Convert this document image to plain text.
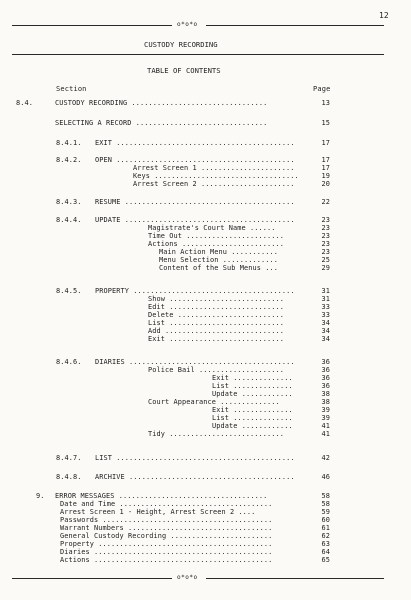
12
o*o*o
CUSTODY RECORDING
TABLE OF CONTENTS
Section	Page
8.4.	CUSTODY RECORDING ................................	13
SELECTING A RECORD ...............................	15
8.4.1. EXIT ..........................................	17
8.4.2. OPEN ..........................................	17
Arrest Screen 1 ......................	17
Keys ..................................	19
Arrest Screen 2 ......................	20
8.4.3. RESUME ........................................	22
8.4.4. UPDATE ........................................	23
Magistrate's Court Name ......	23
Time Out .......................	23
Actions ........................	23
Main Action Menu ...........	23
Menu Selection .............	25
Content of the Sub Menus ...	29
8.4.5. PROPERTY ......................................	31
Show ...........................	31
Edit ...........................	33
Delete .........................	33
List ...........................	34
Add ............................	34
Exit ...........................	34
8.4.6. DIARIES .......................................	36
Police Bail ....................	36
Exit ..............	36
List ..............	36
Update ............	38
Court Appearance ..............	38
Exit ..............	39
List ..............	39
Update ............	41
Tidy ...........................	41
8.4.7. LIST ..........................................	42
8.4.8. ARCHIVE .......................................	46
9. ERROR MESSAGES ...................................	58
Date and Time ....................................	58
Arrest Screen 1 - Height, Arrest Screen 2 ....	59
Passwords ........................................	60
Warrant Numbers ..................................	61
General Custody Recording ........................	62
Property .........................................	63
Diaries ..........................................	64
Actions ..........................................	65
o*o*o
